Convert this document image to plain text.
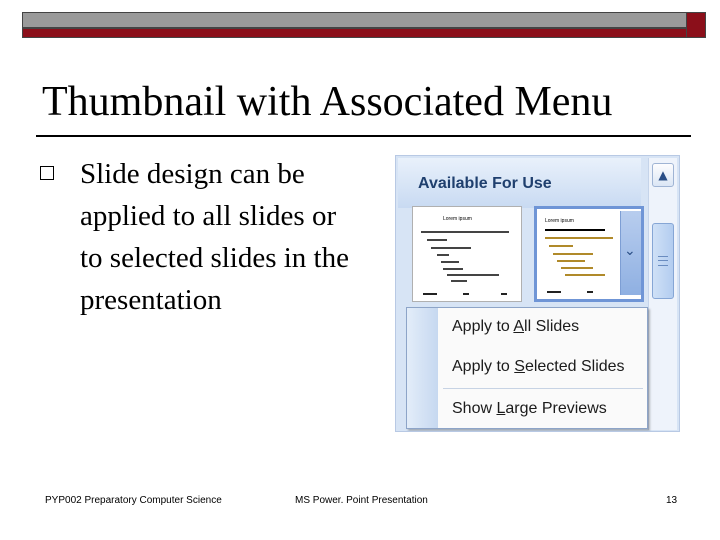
Thumbnail with Associated Menu
Slide design can be applied to all slides or to selected slides in the presentation
Available For Use	▲
Lorem ipsum	Lorem ipsum
⌄
Apply to All Slides
Apply to Selected Slides
Show Large Previews
PYP002 Preparatory Computer Science	MS Power. Point Presentation	13
